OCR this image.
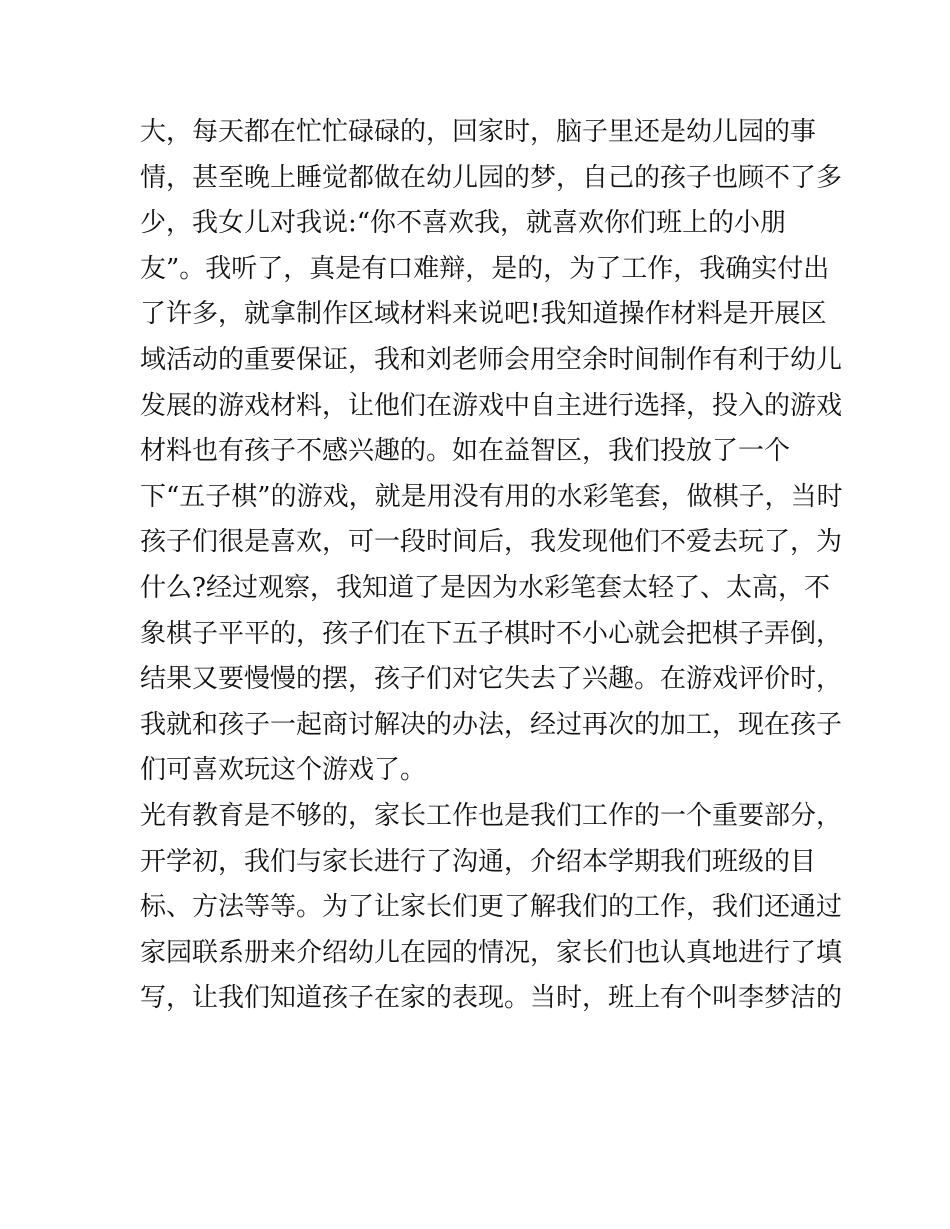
大，每天都在忙忙碌碌的，回家时，脑子里还是幼儿园的事
情，甚至晚上睡觉都做在幼儿园的梦，自己的孩子也顾不了多
少，我女儿对我说:“你不喜欢我，就喜欢你们班上的小朋
友”。我听了，真是有口难辩，是的，为了工作，我确实付出
了许多，就拿制作区域材料来说吧!我知道操作材料是开展区
域活动的重要保证，我和刘老师会用空余时间制作有利于幼儿
发展的游戏材料，让他们在游戏中自主进行选择，投入的游戏
材料也有孩子不感兴趣的。如在益智区，我们投放了一个
下“五子棋”的游戏，就是用没有用的水彩笔套，做棋子，当时
孩子们很是喜欢，可一段时间后，我发现他们不爱去玩了，为
什么?经过观察，我知道了是因为水彩笔套太轻了、太高，不
象棋子平平的，孩子们在下五子棋时不小心就会把棋子弄倒，
结果又要慢慢的摆，孩子们对它失去了兴趣。在游戏评价时，
我就和孩子一起商讨解决的办法，经过再次的加工，现在孩子
们可喜欢玩这个游戏了。
光有教育是不够的，家长工作也是我们工作的一个重要部分，
开学初，我们与家长进行了沟通，介绍本学期我们班级的目
标、方法等等。为了让家长们更了解我们的工作，我们还通过
家园联系册来介绍幼儿在园的情况，家长们也认真地进行了填
写，让我们知道孩子在家的表现。当时，班上有个叫李梦洁的
